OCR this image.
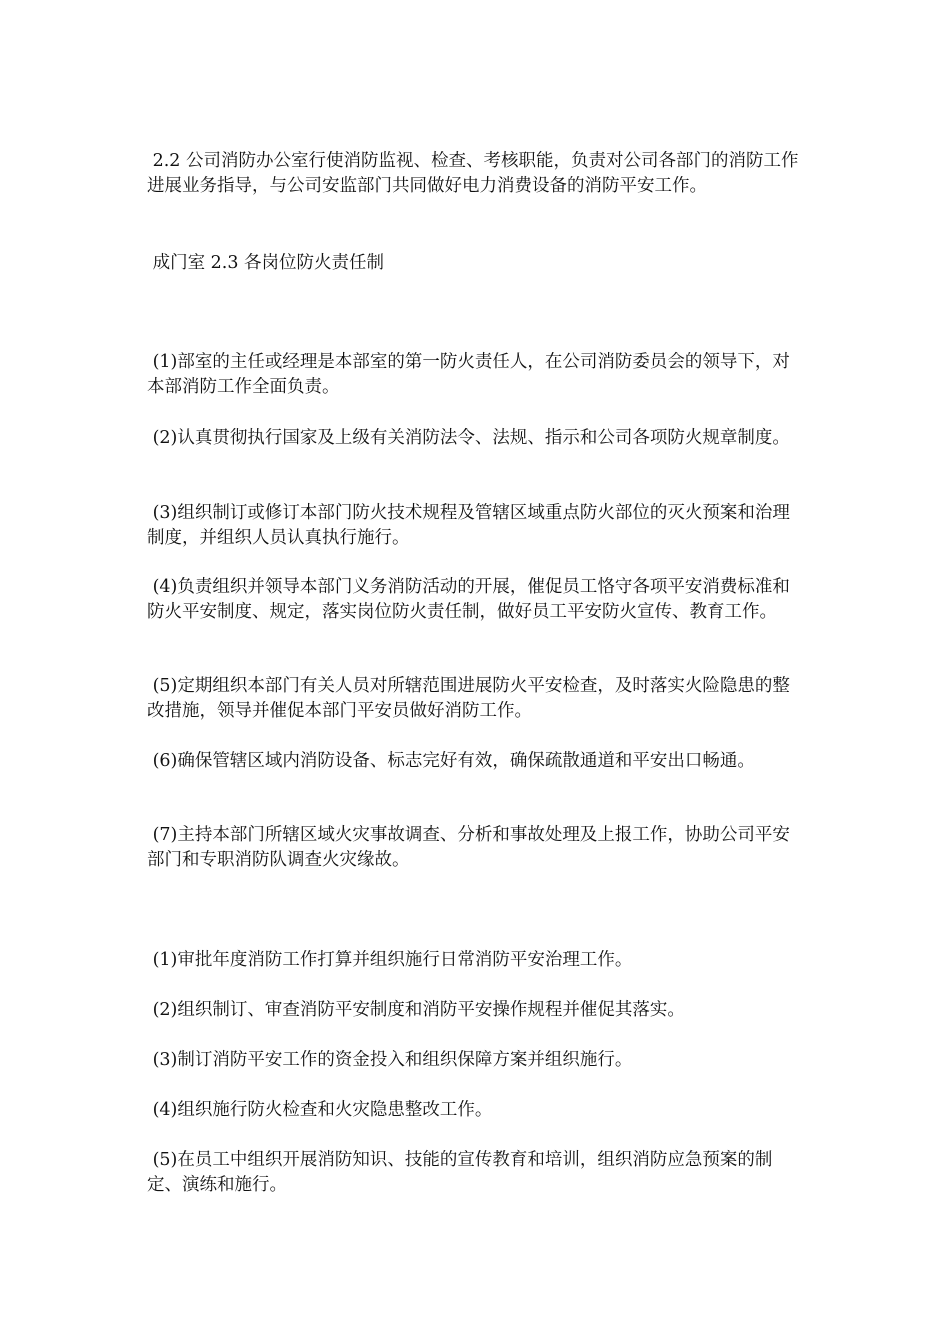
2.2 公司消防办公室行使消防监视、检查、考核职能，负责对公司各部门的消防工作进展业务指导，与公司安监部门共同做好电力消费设备的消防平安工作。

成门室 2.3 各岗位防火责任制

(1)部室的主任或经理是本部室的第一防火责任人，在公司消防委员会的领导下，对本部消防工作全面负责。

(2)认真贯彻执行国家及上级有关消防法令、法规、指示和公司各项防火规章制度。

(3)组织制订或修订本部门防火技术规程及管辖区域重点防火部位的灭火预案和治理制度，并组织人员认真执行施行。

(4)负责组织并领导本部门义务消防活动的开展，催促员工恪守各项平安消费标准和防火平安制度、规定，落实岗位防火责任制，做好员工平安防火宣传、教育工作。

(5)定期组织本部门有关人员对所辖范围进展防火平安检查，及时落实火险隐患的整改措施，领导并催促本部门平安员做好消防工作。

(6)确保管辖区域内消防设备、标志完好有效，确保疏散通道和平安出口畅通。

(7)主持本部门所辖区域火灾事故调查、分析和事故处理及上报工作，协助公司平安部门和专职消防队调查火灾缘故。

(1)审批年度消防工作打算并组织施行日常消防平安治理工作。

(2)组织制订、审查消防平安制度和消防平安操作规程并催促其落实。

(3)制订消防平安工作的资金投入和组织保障方案并组织施行。

(4)组织施行防火检查和火灾隐患整改工作。

(5)在员工中组织开展消防知识、技能的宣传教育和培训，组织消防应急预案的制定、演练和施行。
